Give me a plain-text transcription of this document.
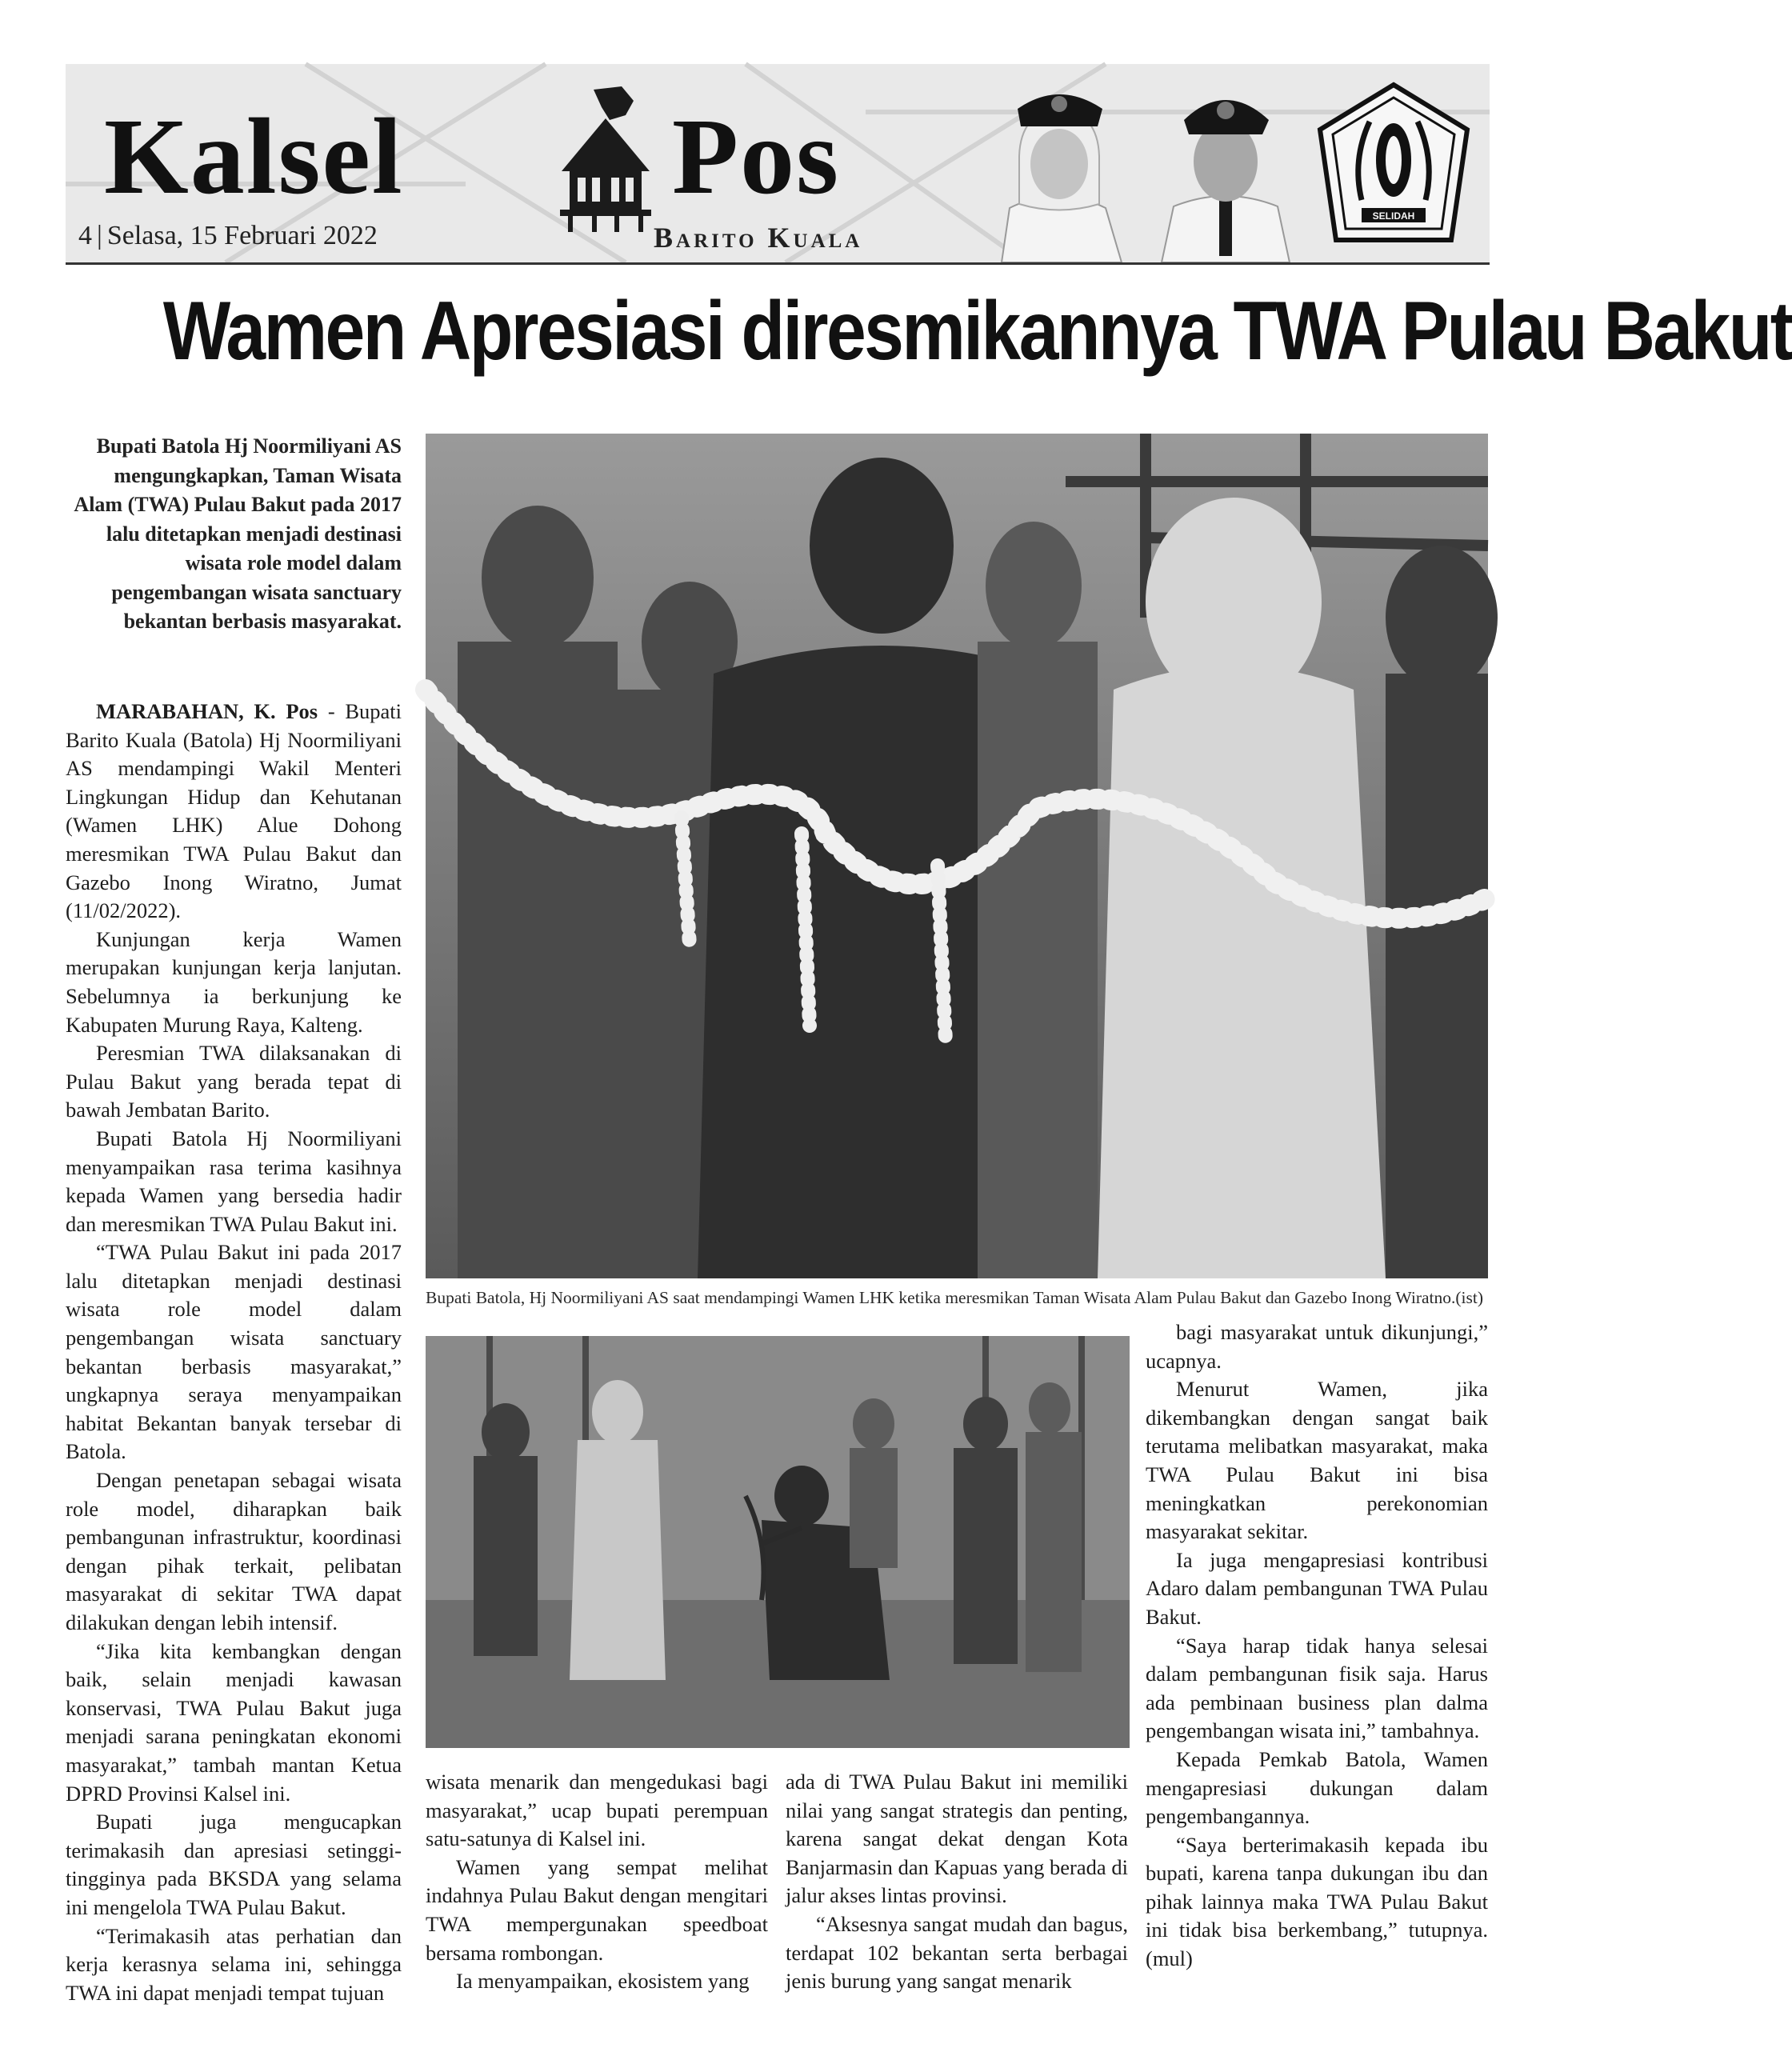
Kalsel Pos
4 | Selasa, 15 Februari 2022	Barito Kuala
SELIDAH
Wamen Apresiasi diresmikannya TWA Pulau Bakut
Bupati Batola Hj Noormiliyani AS mengungkapkan, Taman Wisata Alam (TWA) Pulau Bakut pada 2017 lalu ditetapkan menjadi destinasi wisata role model dalam pengembangan wisata sanctuary bekantan berbasis masyarakat.
Bupati Batola, Hj Noormiliyani AS saat mendampingi Wamen LHK ketika meresmikan Taman Wisata Alam Pulau Bakut dan Gazebo Inong Wiratno.(ist)

MARABAHAN, K. Pos - Bupati Barito Kuala (Batola) Hj Noormiliyani AS mendampingi Wakil Menteri Lingkungan Hidup dan Kehutanan (Wamen LHK) Alue Dohong meresmikan TWA Pulau Bakut dan Gazebo Inong Wiratno, Jumat (11/02/2022).

Kunjungan kerja Wamen merupakan kunjungan kerja lanjutan. Sebelumnya ia berkunjung ke Kabupaten Murung Raya, Kalteng.

Peresmian TWA dilaksanakan di Pulau Bakut yang berada tepat di bawah Jembatan Barito.

Bupati Batola Hj Noormiliyani menyampaikan rasa terima kasihnya kepada Wamen yang bersedia hadir dan meresmikan TWA Pulau Bakut ini.

“TWA Pulau Bakut ini pada 2017 lalu ditetapkan menjadi destinasi wisata role model dalam pengembangan wisata sanctuary bekantan berbasis masyarakat,” ungkapnya seraya menyampaikan habitat Bekantan banyak tersebar di Batola.

Dengan penetapan sebagai wisata role model, diharapkan baik pembangunan infrastruktur, koordinasi dengan pihak terkait, pelibatan masyarakat di sekitar TWA dapat dilakukan dengan lebih intensif.

“Jika kita kembangkan dengan baik, selain menjadi kawasan konservasi, TWA Pulau Bakut juga menjadi sarana peningkatan ekonomi masyarakat,” tambah mantan Ketua DPRD Provinsi Kalsel ini.

Bupati juga mengucapkan terimakasih dan apresiasi setinggi-tingginya pada BKSDA yang selama ini mengelola TWA Pulau Bakut.

“Terimakasih atas perhatian dan kerja kerasnya selama ini, sehingga TWA ini dapat menjadi tempat tujuan

wisata menarik dan mengedukasi bagi masyarakat,” ucap bupati perempuan satu-satunya di Kalsel ini.

Wamen yang sempat melihat indahnya Pulau Bakut dengan mengitari TWA mempergunakan speedboat bersama rombongan.

Ia menyampaikan, ekosistem yang

ada di TWA Pulau Bakut ini memiliki nilai yang sangat strategis dan penting, karena sangat dekat dengan Kota Banjarmasin dan Kapuas yang berada di jalur akses lintas provinsi.

“Aksesnya sangat mudah dan bagus, terdapat 102 bekantan serta berbagai jenis burung yang sangat menarik

bagi masyarakat untuk dikunjungi,” ucapnya.

Menurut Wamen, jika dikembangkan dengan sangat baik terutama melibatkan masyarakat, maka TWA Pulau Bakut ini bisa meningkatkan perekonomian masyarakat sekitar.

Ia juga mengapresiasi kontribusi Adaro dalam pembangunan TWA Pulau Bakut.

“Saya harap tidak hanya selesai dalam pembangunan fisik saja. Harus ada pembinaan business plan dalma pengembangan wisata ini,” tambahnya.

Kepada Pemkab Batola, Wamen mengapresiasi dukungan dalam pengembangannya.

“Saya berterimakasih kepada ibu bupati, karena tanpa dukungan ibu dan pihak lainnya maka TWA Pulau Bakut ini tidak bisa berkembang,” tutupnya.(mul)
